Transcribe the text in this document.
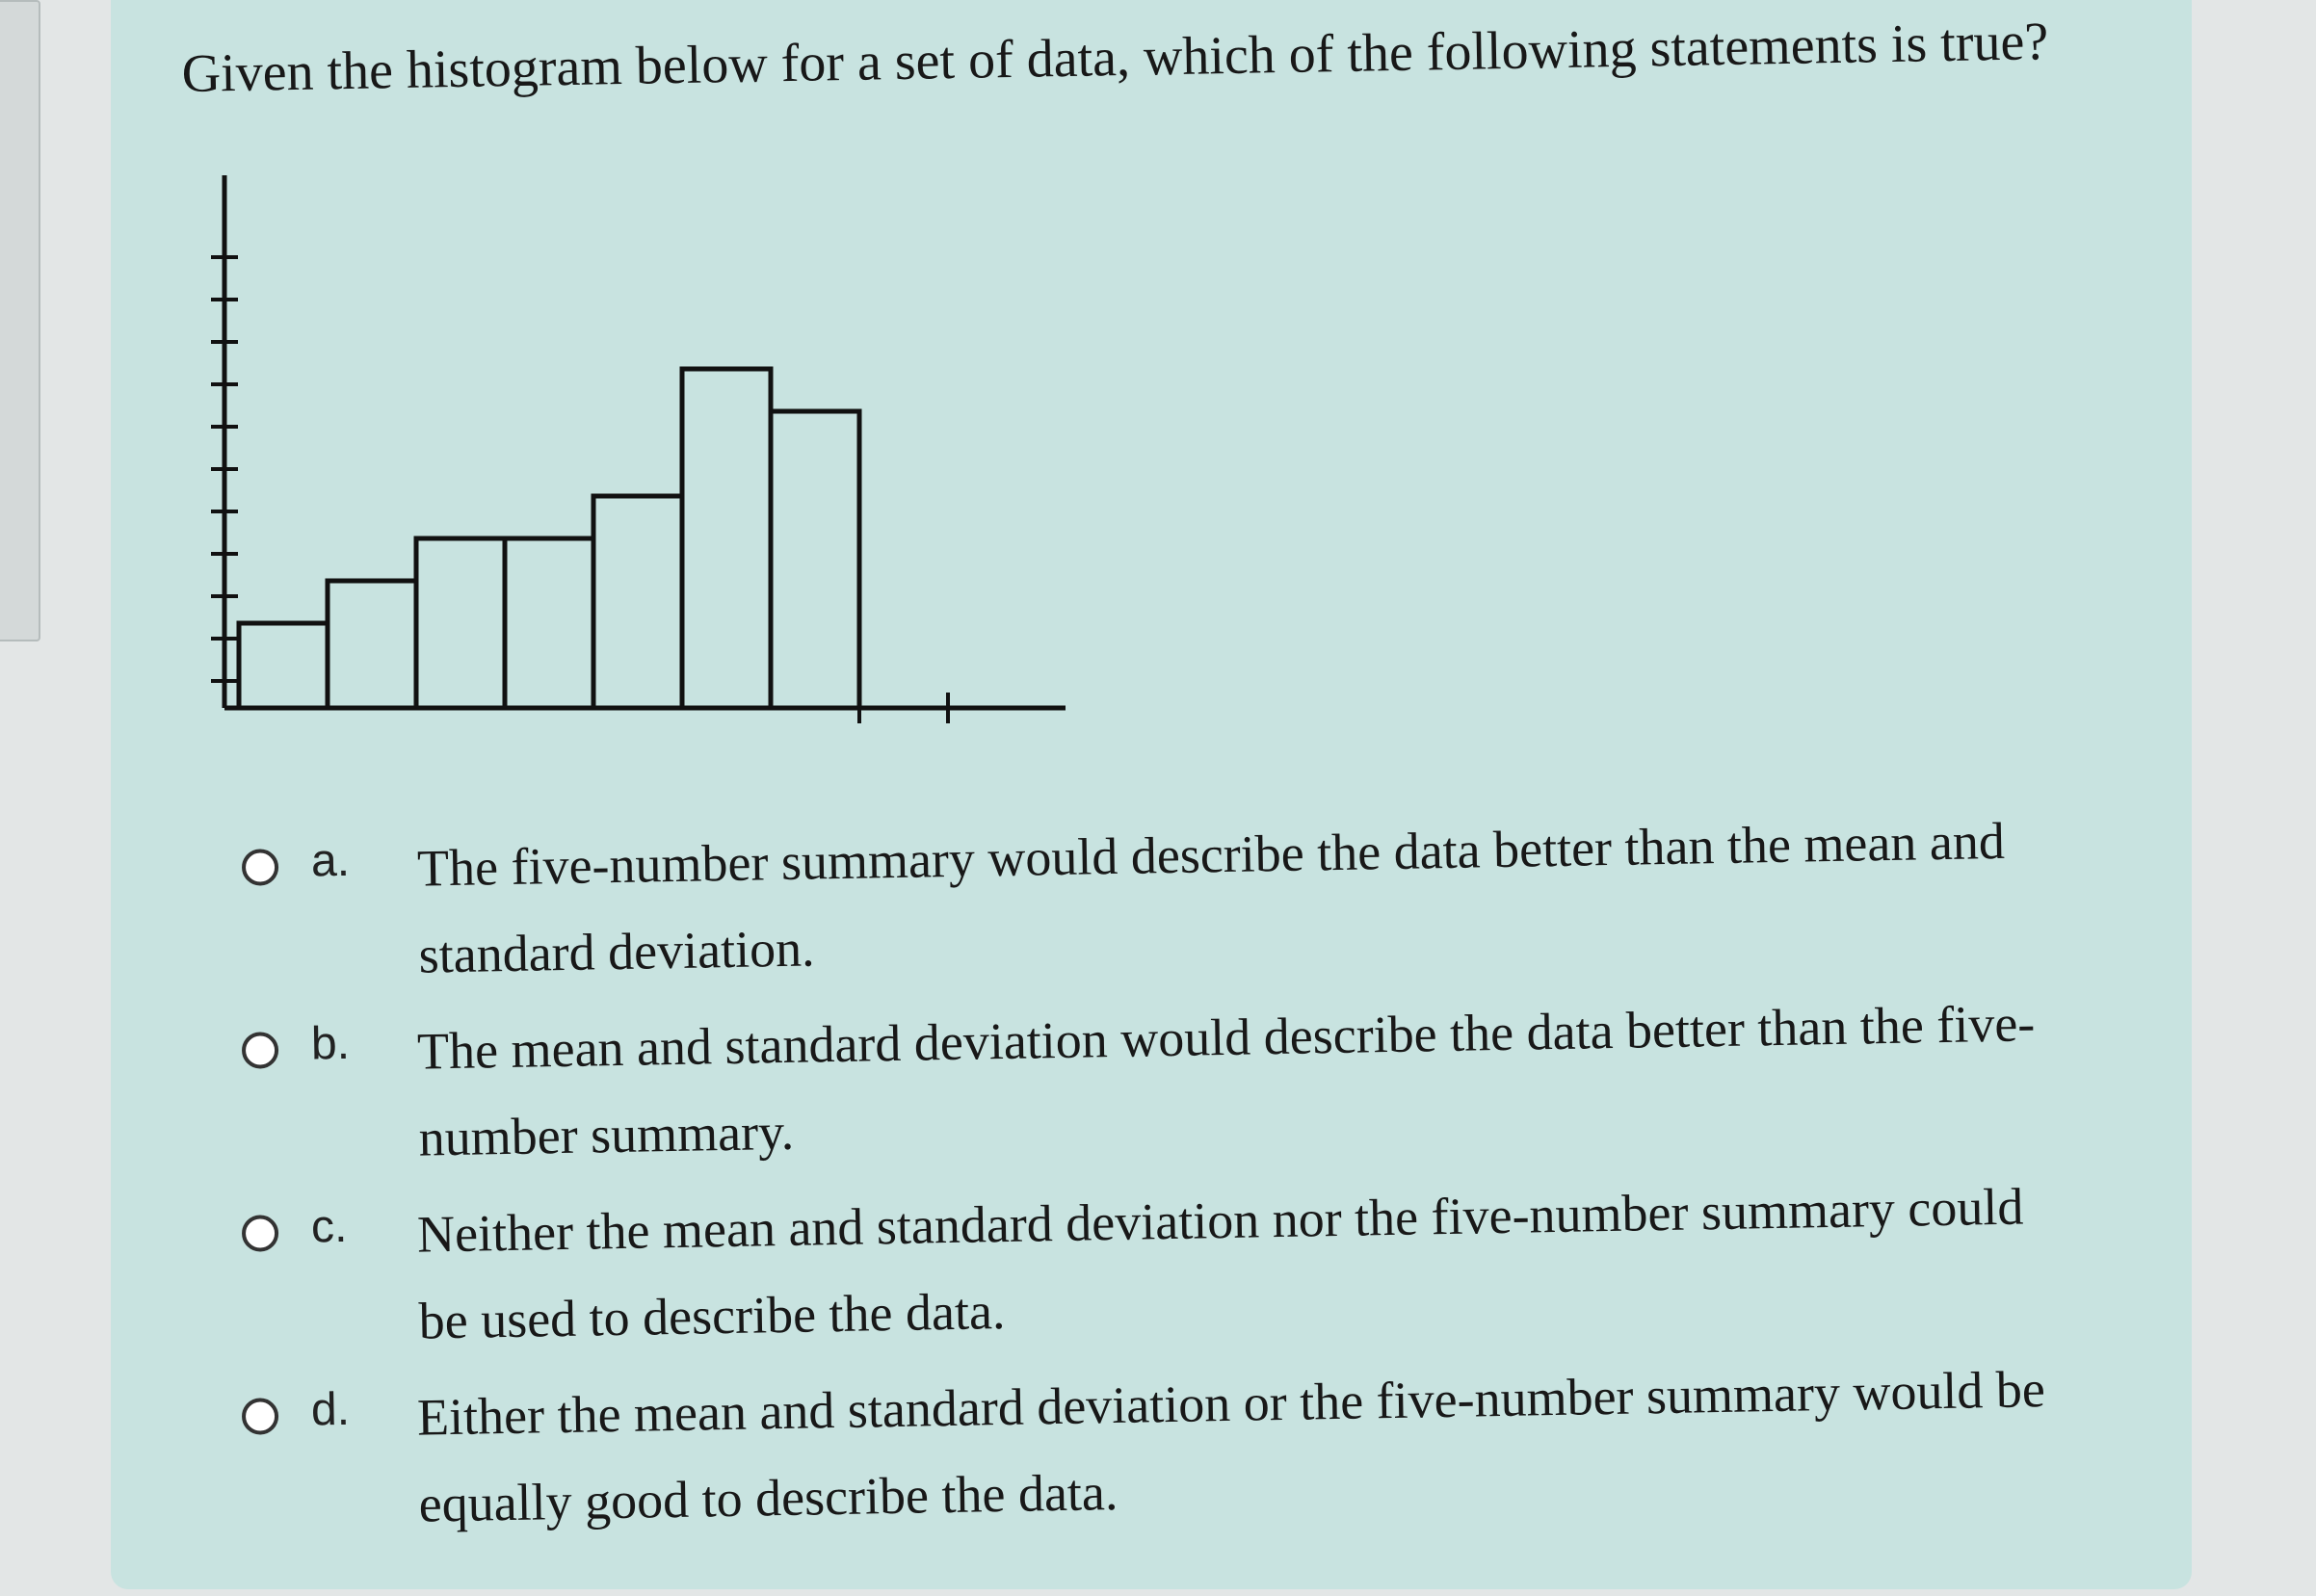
Given the histogram below for a set of data, which of the following statements is true?

a. The five-number summary would describe the data better than the mean and standard deviation.
b. The mean and standard deviation would describe the data better than the five-number summary.
c. Neither the mean and standard deviation nor the five-number summary could be used to describe the data.
d. Either the mean and standard deviation or the five-number summary would be equally good to describe the data.
